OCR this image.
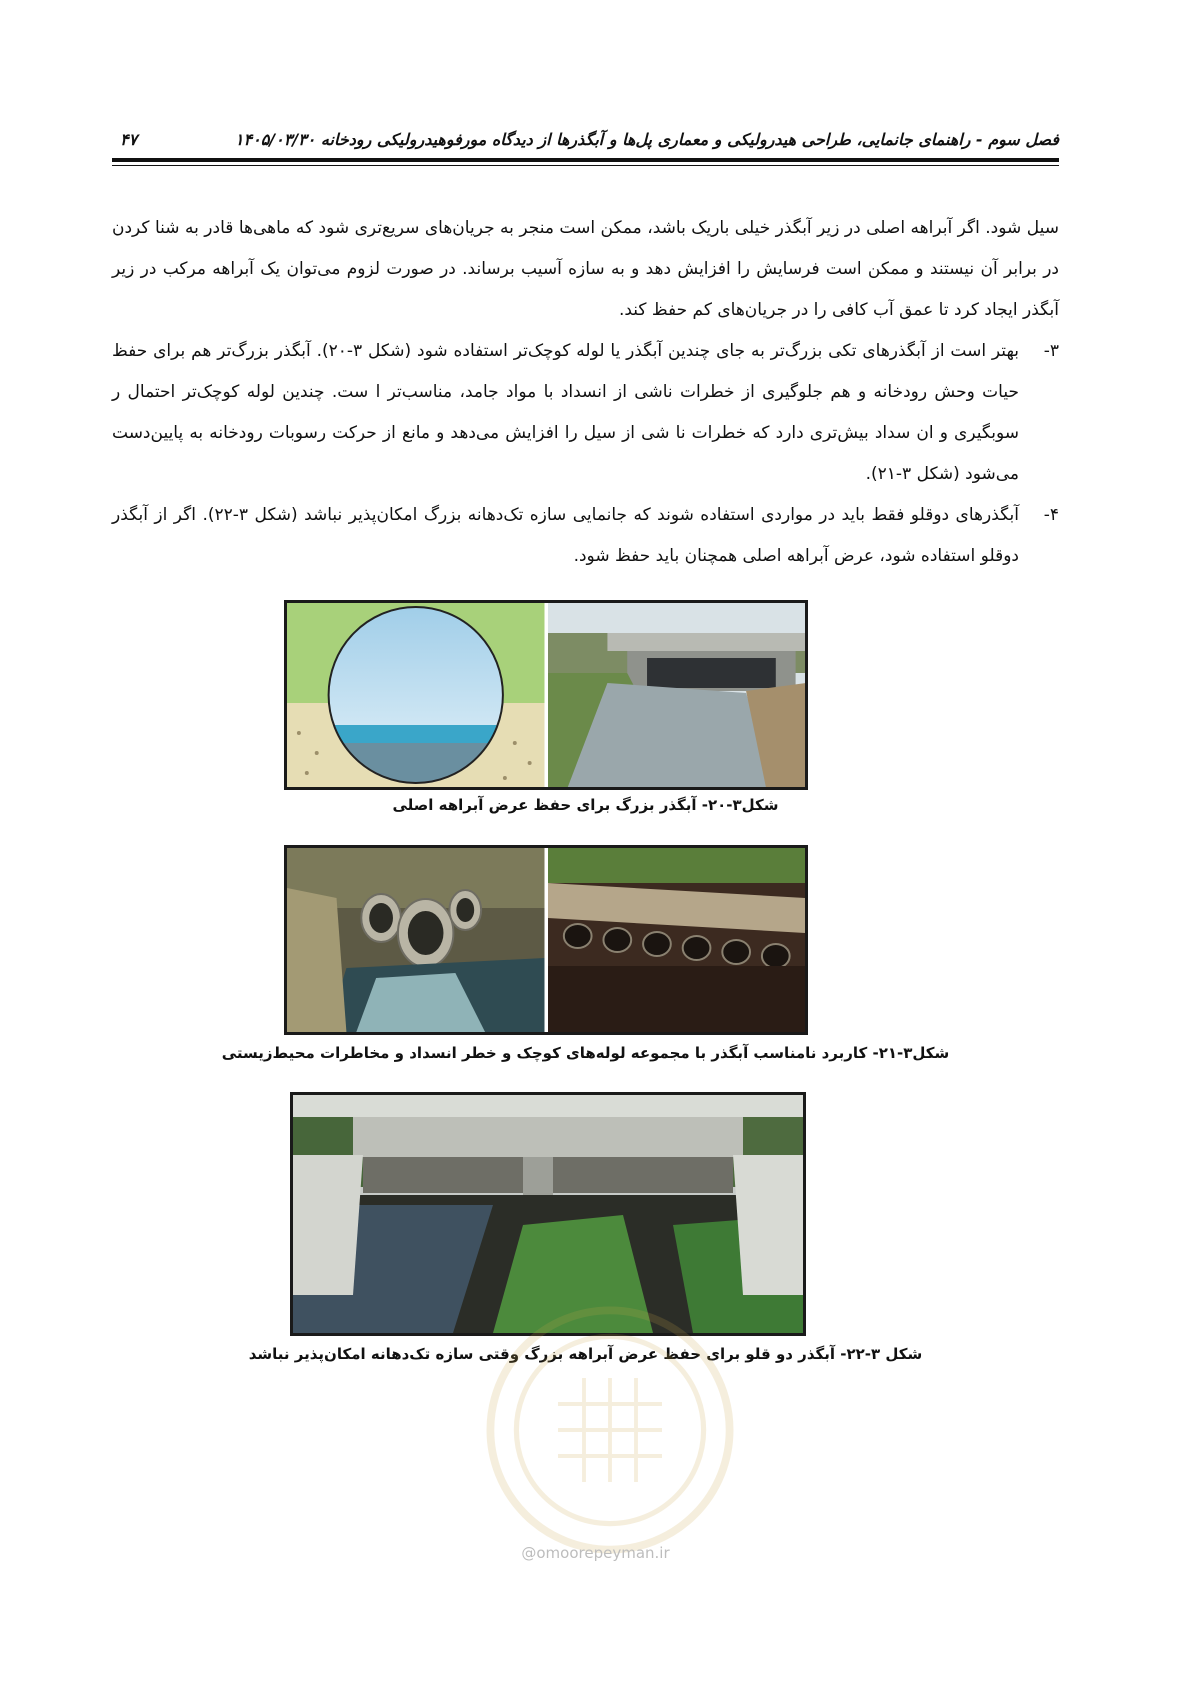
فصل سوم - راهنمای جانمایی، طراحی هیدرولیکی و معماری پل‌ها و آبگذرها از دیدگاه مورفوهیدرولیکی رودخانه ۱۴۰۵/۰۳/۳۰
۴۷

سیل شود. اگر آبراهه اصلی در زیر آبگذر خیلی باریک باشد، ممکن است منجر به جریان‌های سریع‌تری شود که ماهی‌ها قادر به شنا کردن در برابر آن نیستند و ممکن است فرسایش را افزایش دهد و به سازه آسیب برساند. در صورت لزوم می‌توان یک آبراهه مرکب در زیر آبگذر ایجاد کرد تا عمق آب کافی را در جریان‌های کم حفظ کند.

۳-
بهتر است از آبگذرهای تکی بزرگ‌تر به جای چندین آبگذر یا لوله کوچک‌تر استفاده شود (شکل ۳-۲۰). آبگذر بزرگ‌تر هم برای حفظ حیات وحش رودخانه و هم جلوگیری از خطرات ناشی از انسداد با مواد جامد، مناسب‌تر ا ست. چندین لوله کوچک‌تر احتمال ر سوبگیری و ان سداد بیش‌تری دارد که خطرات نا شی از سیل را افزایش می‌دهد و مانع از حرکت رسوبات رودخانه به پایین‌دست می‌شود (شکل ۳-۲۱).
۴-
آبگذرهای دوقلو فقط باید در مواردی استفاده شوند که جانمایی سازه تک‌دهانه بزرگ امکان‌پذیر نباشد (شکل ۳-۲۲). اگر از آبگذر دوقلو استفاده شود، عرض آبراهه اصلی همچنان باید حفظ شود.
شکل۳-۲۰- آبگذر بزرگ برای حفظ عرض آبراهه اصلی
شکل۳-۲۱- کاربرد نامناسب آبگذر با مجموعه لوله‌های کوچک و خطر انسداد و مخاطرات محیط‌زیستی
شکل ۳-۲۲- آبگذر دو قلو برای حفظ عرض آبراهه بزرگ وقتی سازه تک‌دهانه امکان‌پذیر نباشد
@omoorepeyman.ir
